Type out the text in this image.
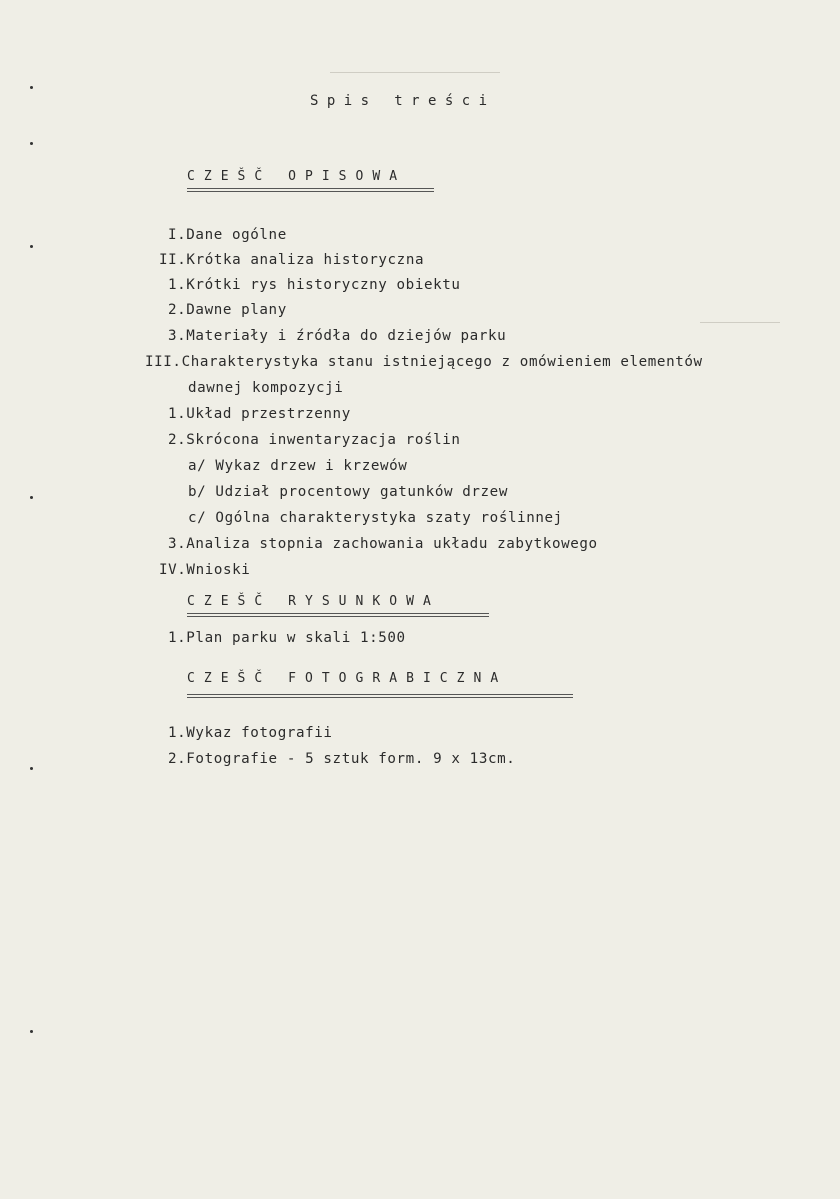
S p i s   t r e ś c i
C Z E Š Č   O P I S O W A
I.Dane ogólne
II.Krótka analiza historyczna
1.Krótki rys historyczny obiektu
2.Dawne plany
3.Materiały i źródła do dziejów parku
III.Charakterystyka stanu istniejącego z omówieniem elementów
dawnej kompozycji
1.Układ przestrzenny
2.Skrócona inwentaryzacja roślin
a/ Wykaz drzew i krzewów
b/ Udział procentowy gatunków drzew
c/ Ogólna charakterystyka szaty roślinnej
3.Analiza stopnia zachowania układu zabytkowego
IV.Wnioski
C Z E Š Č   R Y S U N K O W A
1.Plan parku w skali 1:500
C Z E Š Č   F O T O G R A B I C Z N A
1.Wykaz fotografii
2.Fotografie - 5 sztuk form. 9 x 13cm.
